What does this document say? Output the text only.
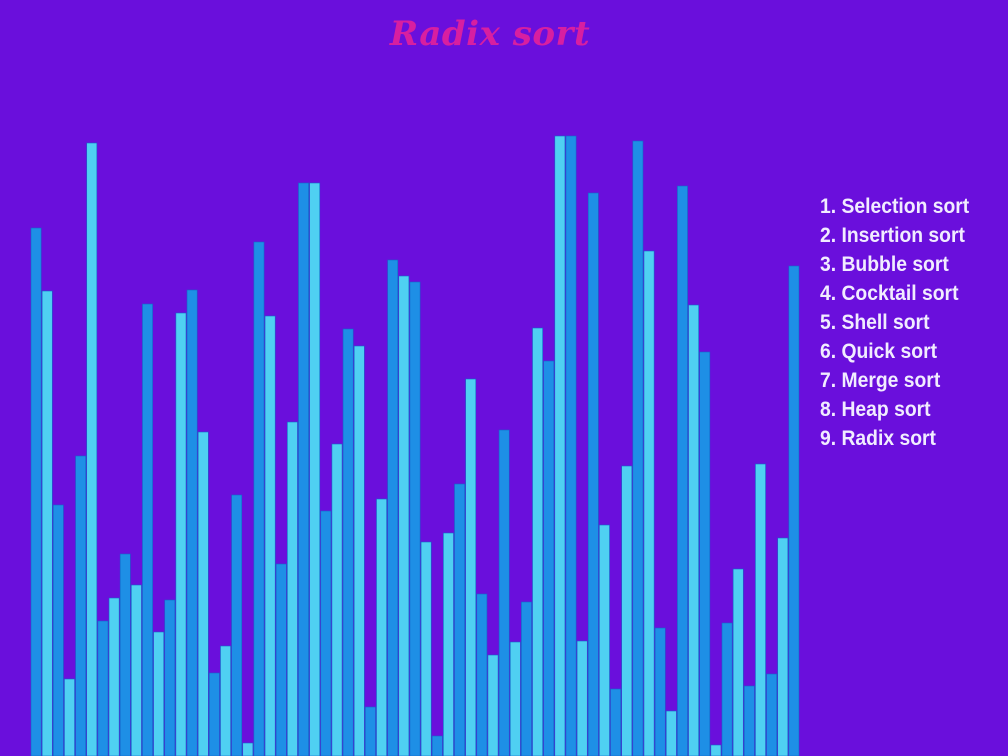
Radix sort
1. Selection sort
2. Insertion sort
3. Bubble sort
4. Cocktail sort
5. Shell sort
6. Quick sort
7. Merge sort
8. Heap sort
9. Radix sort
